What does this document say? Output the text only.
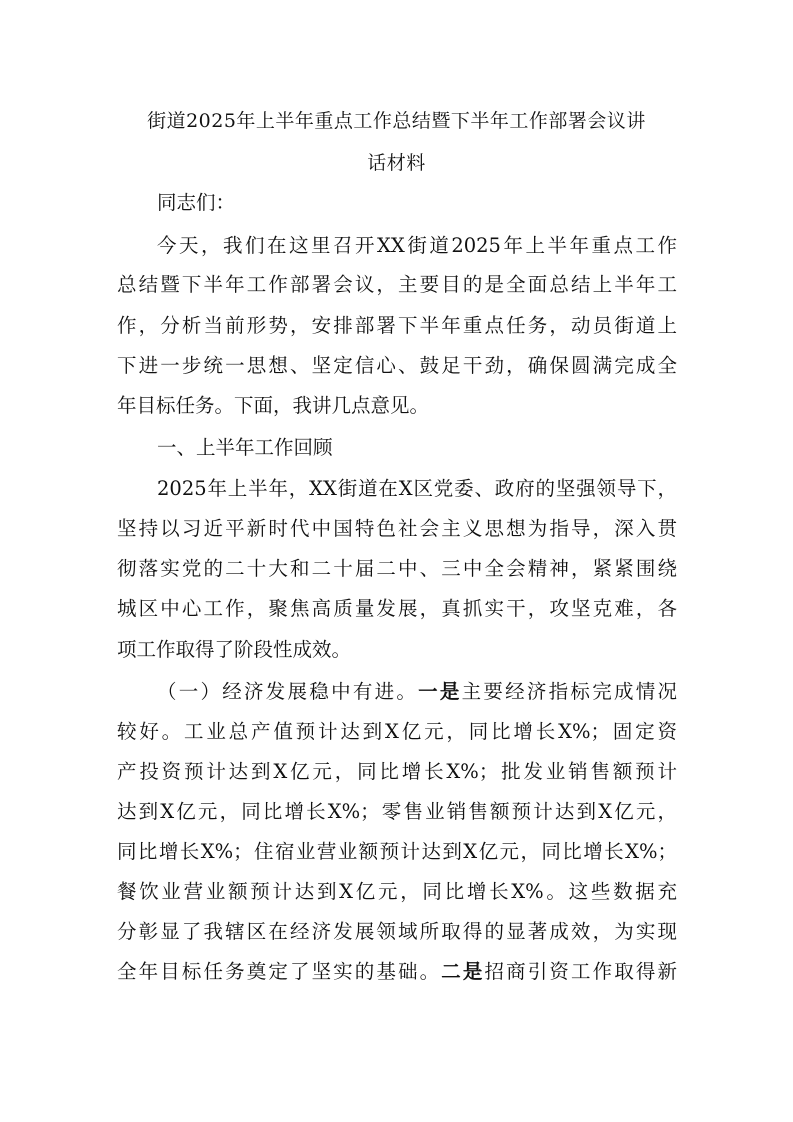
街道2025年上半年重点工作总结暨下半年工作部署会议讲
话材料
同志们：
今天，我们在这里召开XX街道2025年上半年重点工作
总结暨下半年工作部署会议，主要目的是全面总结上半年工
作，分析当前形势，安排部署下半年重点任务，动员街道上
下进一步统一思想、坚定信心、鼓足干劲，确保圆满完成全
年目标任务。下面，我讲几点意见。
一、上半年工作回顾
2025年上半年，XX街道在X区党委、政府的坚强领导下，
坚持以习近平新时代中国特色社会主义思想为指导，深入贯
彻落实党的二十大和二十届二中、三中全会精神，紧紧围绕
城区中心工作，聚焦高质量发展，真抓实干，攻坚克难，各
项工作取得了阶段性成效。
（一）经济发展稳中有进。一是主要经济指标完成情况
较好。工业总产值预计达到X亿元，同比增长X%；固定资
产投资预计达到X亿元，同比增长X%；批发业销售额预计
达到X亿元，同比增长X%；零售业销售额预计达到X亿元，
同比增长X%；住宿业营业额预计达到X亿元，同比增长X%；
餐饮业营业额预计达到X亿元，同比增长X%。这些数据充
分彰显了我辖区在经济发展领域所取得的显著成效，为实现
全年目标任务奠定了坚实的基础。二是招商引资工作取得新
